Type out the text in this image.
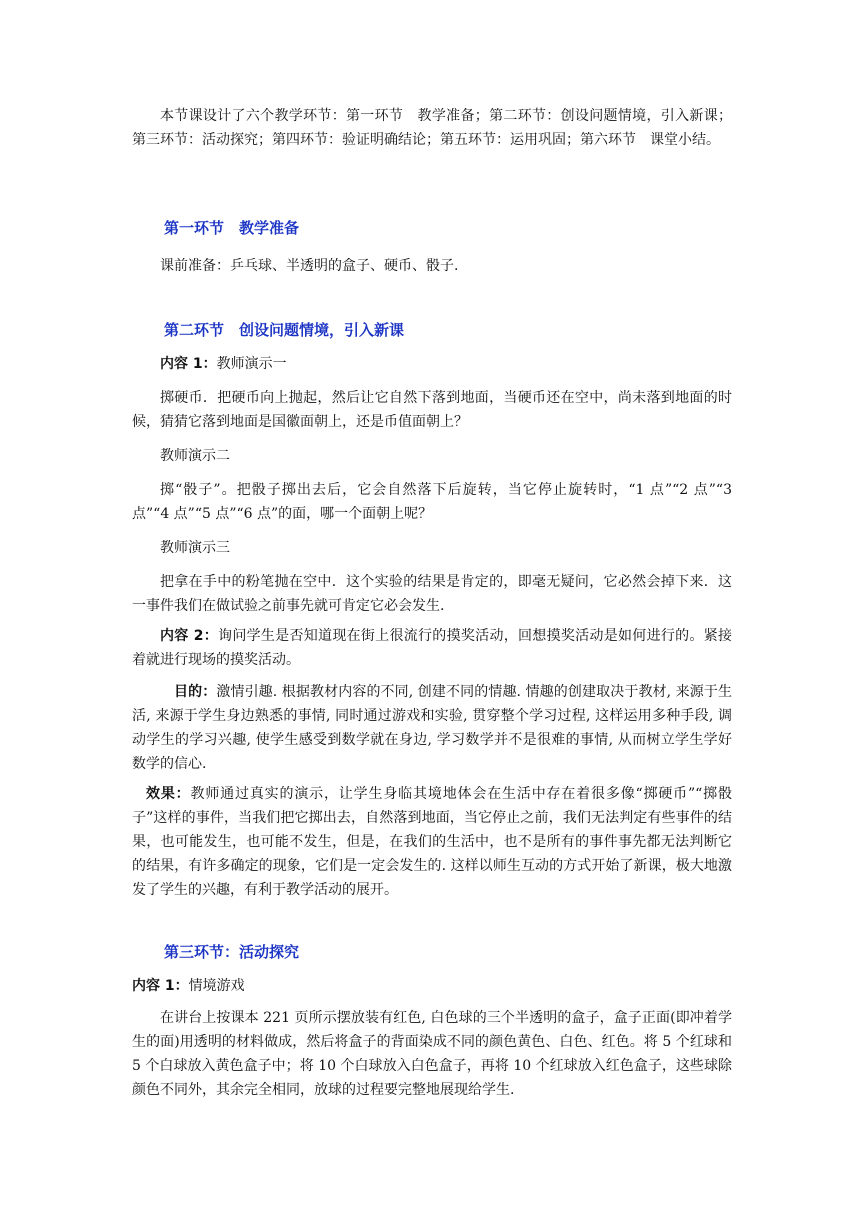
本节课设计了六个教学环节：第一环节　教学准备；第二环节：创设问题情境，引入新课；第三环节：活动探究；第四环节：验证明确结论；第五环节：运用巩固；第六环节　课堂小结。
第一环节　教学准备
课前准备：乒乓球、半透明的盒子、硬币、骰子.
第二环节　创设问题情境，引入新课
内容 1：教师演示一
掷硬币．把硬币向上抛起，然后让它自然下落到地面，当硬币还在空中，尚未落到地面的时候，猜猜它落到地面是国徽面朝上，还是币值面朝上？
教师演示二
掷“骰子”。把骰子掷出去后，它会自然落下后旋转，当它停止旋转时，“1 点”“2 点”“3 点”“4 点”“5 点”“6 点”的面，哪一个面朝上呢？
教师演示三
把拿在手中的粉笔抛在空中．这个实验的结果是肯定的，即毫无疑问，它必然会掉下来．这一事件我们在做试验之前事先就可肯定它必会发生.
内容 2：询问学生是否知道现在街上很流行的摸奖活动，回想摸奖活动是如何进行的。紧接着就进行现场的摸奖活动。
目的：激情引趣. 根据教材内容的不同, 创建不同的情趣. 情趣的创建取决于教材, 来源于生活, 来源于学生身边熟悉的事情, 同时通过游戏和实验, 贯穿整个学习过程, 这样运用多种手段, 调动学生的学习兴趣, 使学生感受到数学就在身边, 学习数学并不是很难的事情, 从而树立学生学好数学的信心.
效果：教师通过真实的演示，让学生身临其境地体会在生活中存在着很多像“掷硬币”“掷骰子”这样的事件，当我们把它掷出去，自然落到地面，当它停止之前，我们无法判定有些事件的结果，也可能发生，也可能不发生，但是，在我们的生活中，也不是所有的事件事先都无法判断它的结果，有许多确定的现象，它们是一定会发生的. 这样以师生互动的方式开始了新课，极大地激发了学生的兴趣，有利于教学活动的展开。
第三环节：活动探究
内容 1：情境游戏
在讲台上按课本 221 页所示摆放装有红色, 白色球的三个半透明的盒子，盒子正面(即冲着学生的面)用透明的材料做成，然后将盒子的背面染成不同的颜色黄色、白色、红色。将 5 个红球和 5 个白球放入黄色盒子中；将 10 个白球放入白色盒子，再将 10 个红球放入红色盒子，这些球除颜色不同外，其余完全相同，放球的过程要完整地展现给学生.
